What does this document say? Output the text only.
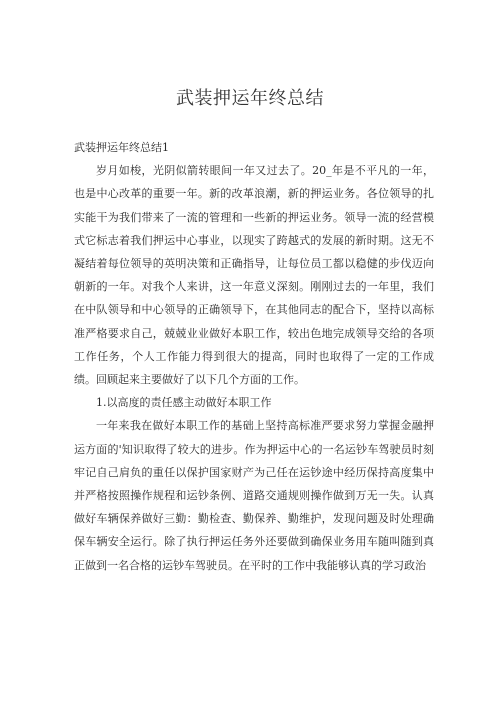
武装押运年终总结

武装押运年终总结1

岁月如梭，光阴似箭转眼间一年又过去了。20_年是不平凡的一年，也是中心改革的重要一年。新的改革浪潮，新的押运业务。各位领导的扎实能干为我们带来了一流的管理和一些新的押运业务。领导一流的经营模式它标志着我们押运中心事业，以现实了跨越式的发展的新时期。这无不凝结着每位领导的英明决策和正确指导，让每位员工都以稳健的步伐迈向朝新的一年。对我个人来讲，这一年意义深刻。刚刚过去的一年里，我们在中队领导和中心领导的正确领导下，在其他同志的配合下，坚持以高标准严格要求自己，兢兢业业做好本职工作，较出色地完成领导交给的各项工作任务，个人工作能力得到很大的提高，同时也取得了一定的工作成绩。回顾起来主要做好了以下几个方面的工作。

1.以高度的责任感主动做好本职工作

一年来我在做好本职工作的基础上坚持高标准严要求努力掌握金融押运方面的'知识取得了较大的进步。作为押运中心的一名运钞车驾驶员时刻牢记自己肩负的重任以保护国家财产为己任在运钞途中经历保持高度集中并严格按照操作规程和运钞条例、道路交通规则操作做到万无一失。认真做好车辆保养做好三勤：勤检查、勤保养、勤维护，发现问题及时处理确保车辆安全运行。除了执行押运任务外还要做到确保业务用车随叫随到真正做到一名合格的运钞车驾驶员。在平时的工作中我能够认真的学习政治
